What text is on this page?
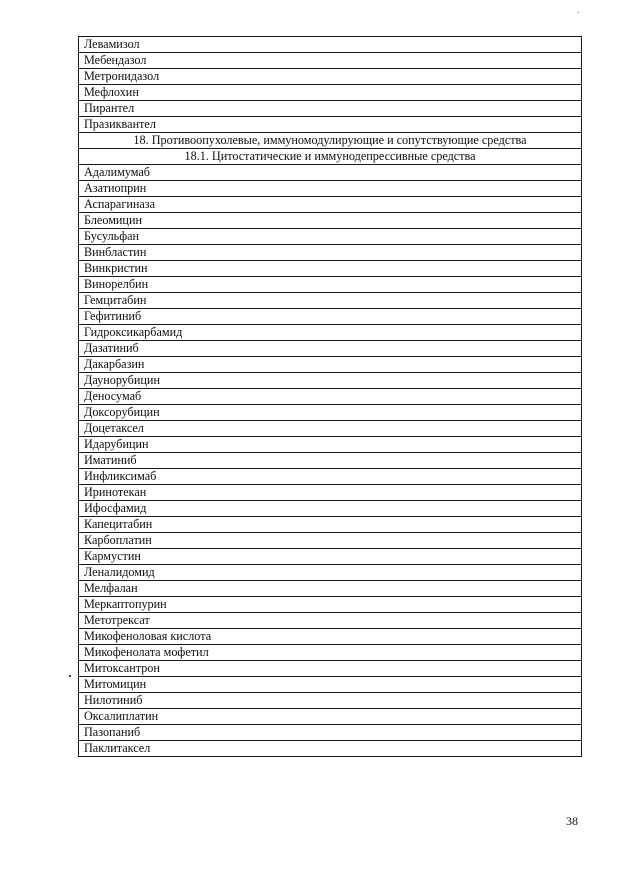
Левамизол
Мебендазол
Метронидазол
Мефлохин
Пирантел
Празиквантел
18. Противоопухолевые, иммуномодулирующие и сопутствующие средства
18.1. Цитостатические и иммунодепрессивные средства
Адалимумаб
Азатиоприн
Аспарагиназа
Блеомицин
Бусульфан
Винбластин
Винкристин
Винорелбин
Гемцитабин
Гефитиниб
Гидроксикарбамид
Дазатиниб
Дакарбазин
Даунорубицин
Деносумаб
Доксорубицин
Доцетаксел
Идарубицин
Иматиниб
Инфликсимаб
Иринотекан
Ифосфамид
Капецитабин
Карбоплатин
Кармустин
Леналидомид
Мелфалан
Меркаптопурин
Метотрексат
Микофеноловая кислота
Микофенолата мофетил
Митоксантрон
Митомицин
Нилотиниб
Оксалиплатин
Пазопаниб
Паклитаксел
38
